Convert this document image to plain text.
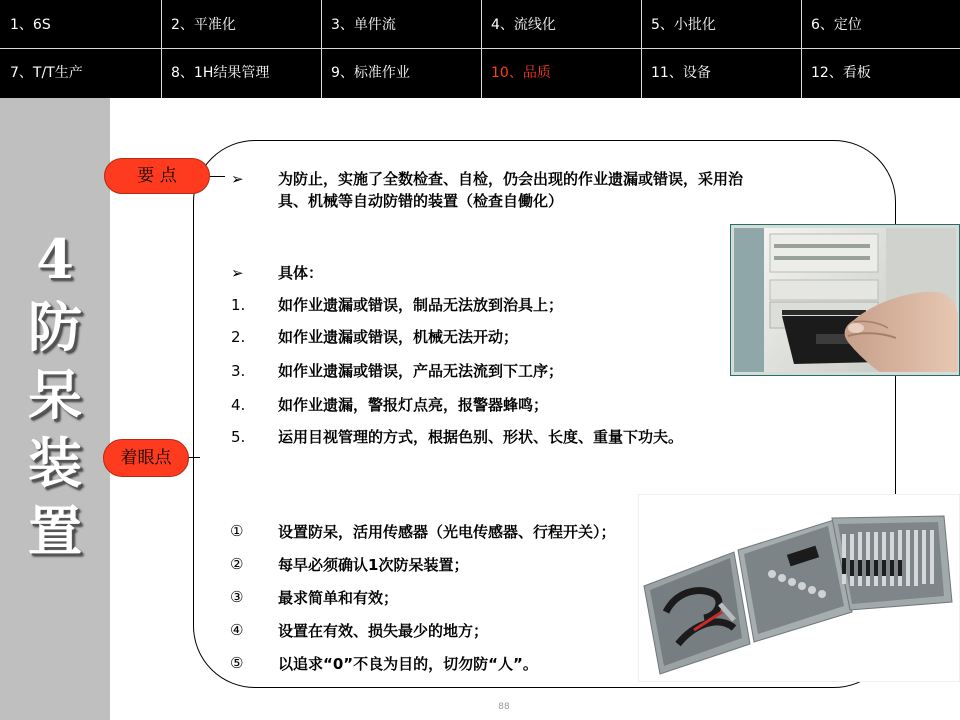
1、6S	2、平准化	3、单件流	4、流线化	5、小批化	6、定位
7、T/T生产	8、1H结果管理	9、标准作业	10、品质	11、设备	12、看板
4
防
呆
装
置
要 点
着眼点
➢ 为防止，实施了全数检查、自检，仍会出现的作业遗漏或错误，采用治
具、机械等自动防错的装置（检查自働化）
➢ 具体：
1. 如作业遗漏或错误，制品无法放到治具上；
2. 如作业遗漏或错误，机械无法开动；
3. 如作业遗漏或错误，产品无法流到下工序；
4. 如作业遗漏，警报灯点亮，报警器蜂鸣；
5. 运用目视管理的方式，根据色别、形状、长度、重量下功夫。
① 设置防呆，活用传感器（光电传感器、行程开关）；
② 每早必须确认1次防呆装置；
③ 最求简单和有效；
④ 设置在有效、损失最少的地方；
⑤ 以追求“0”不良为目的，切勿防“人”。
88
